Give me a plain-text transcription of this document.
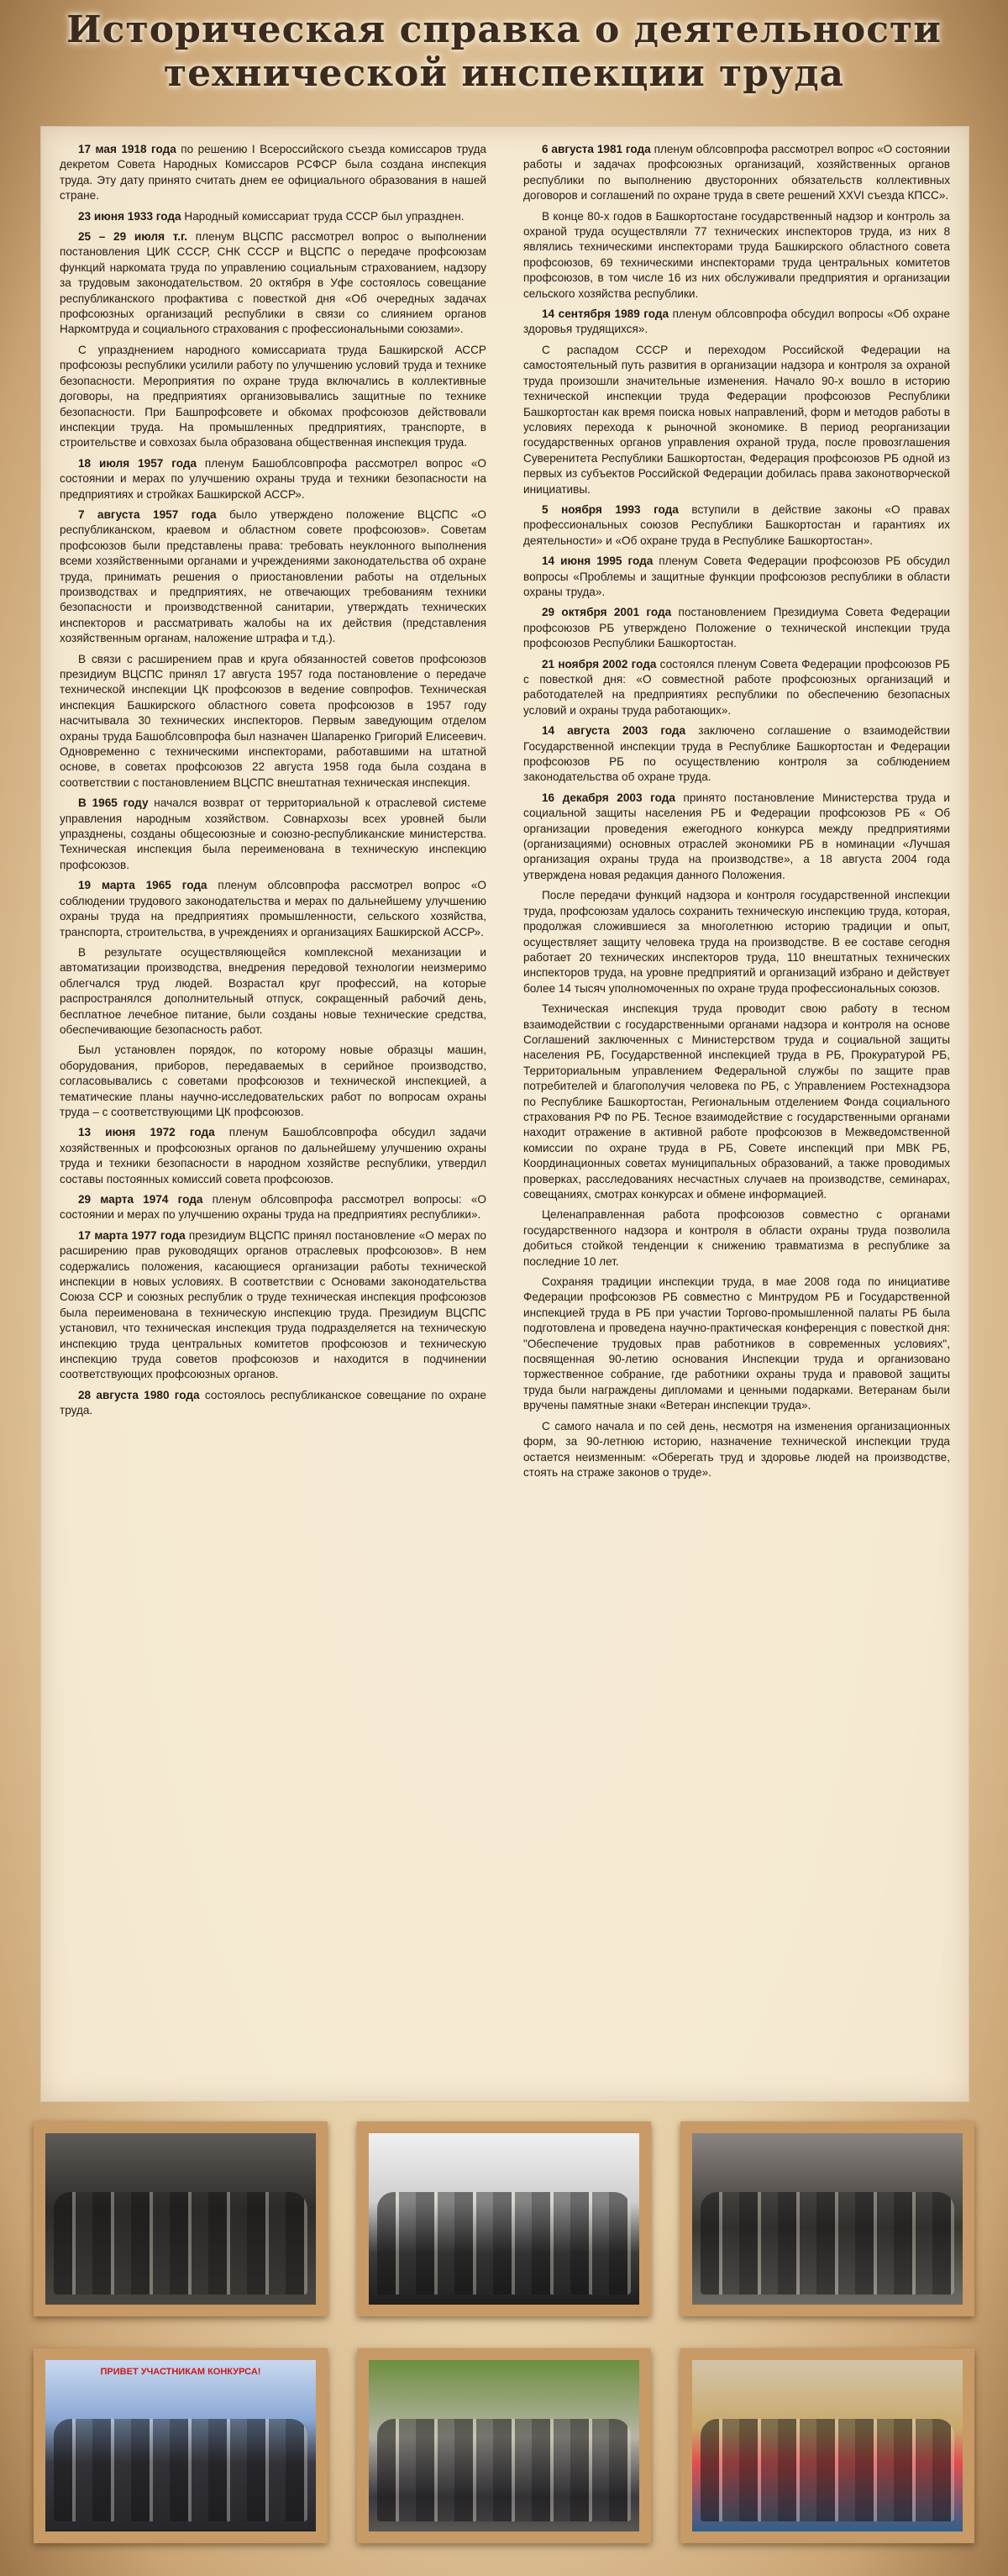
Историческая справка о деятельности
технической инспекции труда

17 мая 1918 года по решению I Всероссийского съезда комиссаров труда декретом Совета Народных Комиссаров РСФСР была создана инспекция труда. Эту дату принято считать днем ее официального образования в нашей стране.

23 июня 1933 года Народный комиссариат труда СССР был упразднен.

25 – 29 июля т.г. пленум ВЦСПС рассмотрел вопрос о выполнении постановления ЦИК СССР, СНК СССР и ВЦСПС о передаче профсоюзам функций наркомата труда по управлению социальным страхованием, надзору за трудовым законодательством. 20 октября в Уфе состоялось совещание республиканского профактива с повесткой дня «Об очередных задачах профсоюзных организаций республики в связи со слиянием органов Наркомтруда и социального страхования с профессиональными союзами».

С упразднением народного комиссариата труда Башкирской АССР профсоюзы республики усилили работу по улучшению условий труда и технике безопасности. Мероприятия по охране труда включались в коллективные договоры, на предприятиях организовывались защитные по технике безопасности. При Башпрофсовете и обкомах профсоюзов действовали инспекции труда. На промышленных предприятиях, транспорте, в строительстве и совхозах была образована общественная инспекция труда.

18 июля 1957 года пленум Башоблсовпрофа рассмотрел вопрос «О состоянии и мерах по улучшению охраны труда и техники безопасности на предприятиях и стройках Башкирской АССР».

7 августа 1957 года было утверждено положение ВЦСПС «О республиканском, краевом и областном совете профсоюзов». Советам профсоюзов были представлены права: требовать неуклонного выполнения всеми хозяйственными органами и учреждениями законодательства об охране труда, принимать решения о приостановлении работы на отдельных производствах и предприятиях, не отвечающих требованиям техники безопасности и производственной санитарии, утверждать технических инспекторов и рассматривать жалобы на их действия (представления хозяйственным органам, наложение штрафа и т.д.).

В связи с расширением прав и круга обязанностей советов профсоюзов президиум ВЦСПС принял 17 августа 1957 года постановление о передаче технической инспекции ЦК профсоюзов в ведение совпрофов. Техническая инспекция Башкирского областного совета профсоюзов в 1957 году насчитывала 30 технических инспекторов. Первым заведующим отделом охраны труда Башоблсовпрофа был назначен Шапаренко Григорий Елисеевич. Одновременно с техническими инспекторами, работавшими на штатной основе, в советах профсоюзов 22 августа 1958 года была создана в соответствии с постановлением ВЦСПС внештатная техническая инспекция.

В 1965 году начался возврат от территориальной к отраслевой системе управления народным хозяйством. Совнархозы всех уровней были упразднены, созданы общесоюзные и союзно-республиканские министерства. Техническая инспекция была переименована в техническую инспекцию профсоюзов.

19 марта 1965 года пленум облсовпрофа рассмотрел вопрос «О соблюдении трудового законодательства и мерах по дальнейшему улучшению охраны труда на предприятиях промышленности, сельского хозяйства, транспорта, строительства, в учреждениях и организациях Башкирской АССР».

В результате осуществляющейся комплексной механизации и автоматизации производства, внедрения передовой технологии неизмеримо облегчался труд людей. Возрастал круг профессий, на которые распространялся дополнительный отпуск, сокращенный рабочий день, бесплатное лечебное питание, были созданы новые технические средства, обеспечивающие безопасность работ.

Был установлен порядок, по которому новые образцы машин, оборудования, приборов, передаваемых в серийное производство, согласовывались с советами профсоюзов и технической инспекцией, а тематические планы научно-исследовательских работ по вопросам охраны труда – с соответствующими ЦК профсоюзов.

13 июня 1972 года пленум Башоблсовпрофа обсудил задачи хозяйственных и профсоюзных органов по дальнейшему улучшению охраны труда и техники безопасности в народном хозяйстве республики, утвердил составы постоянных комиссий совета профсоюзов.

29 марта 1974 года пленум облсовпрофа рассмотрел вопросы: «О состоянии и мерах по улучшению охраны труда на предприятиях республики».

17 марта 1977 года президиум ВЦСПС принял постановление «О мерах по расширению прав руководящих органов отраслевых профсоюзов». В нем содержались положения, касающиеся организации работы технической инспекции в новых условиях. В соответствии с Основами законодательства Союза ССР и союзных республик о труде техническая инспекция профсоюзов была переименована в техническую инспекцию труда. Президиум ВЦСПС установил, что техническая инспекция труда подразделяется на техническую инспекцию труда центральных комитетов профсоюзов и техническую инспекцию труда советов профсоюзов и находится в подчинении соответствующих профсоюзных органов.

28 августа 1980 года состоялось республиканское совещание по охране труда.

6 августа 1981 года пленум облсовпрофа рассмотрел вопрос «О состоянии работы и задачах профсоюзных организаций, хозяйственных органов республики по выполнению двусторонних обязательств коллективных договоров и соглашений по охране труда в свете решений XXVI съезда КПСС».

В конце 80-х годов в Башкортостане государственный надзор и контроль за охраной труда осуществляли 77 технических инспекторов труда, из них 8 являлись техническими инспекторами труда Башкирского областного совета профсоюзов, 69 техническими инспекторами труда центральных комитетов профсоюзов, в том числе 16 из них обслуживали предприятия и организации сельского хозяйства республики.

14 сентября 1989 года пленум облсовпрофа обсудил вопросы «Об охране здоровья трудящихся».

С распадом СССР и переходом Российской Федерации на самостоятельный путь развития в организации надзора и контроля за охраной труда произошли значительные изменения. Начало 90-х вошло в историю технической инспекции труда Федерации профсоюзов Республики Башкортостан как время поиска новых направлений, форм и методов работы в условиях перехода к рыночной экономике. В период реорганизации государственных органов управления охраной труда, после провозглашения Суверенитета Республики Башкортостан, Федерация профсоюзов РБ одной из первых из субъектов Российской Федерации добилась права законотворческой инициативы.

5 ноября 1993 года вступили в действие законы «О правах профессиональных союзов Республики Башкортостан и гарантиях их деятельности» и «Об охране труда в Республике Башкортостан».

14 июня 1995 года пленум Совета Федерации профсоюзов РБ обсудил вопросы «Проблемы и защитные функции профсоюзов республики в области охраны труда».

29 октября 2001 года постановлением Президиума Совета Федерации профсоюзов РБ утверждено Положение о технической инспекции труда профсоюзов Республики Башкортостан.

21 ноября 2002 года состоялся пленум Совета Федерации профсоюзов РБ с повесткой дня: «О совместной работе профсоюзных организаций и работодателей на предприятиях республики по обеспечению безопасных условий и охраны труда работающих».

14 августа 2003 года заключено соглашение о взаимодействии Государственной инспекции труда в Республике Башкортостан и Федерации профсоюзов РБ по осуществлению контроля за соблюдением законодательства об охране труда.

16 декабря 2003 года принято постановление Министерства труда и социальной защиты населения РБ и Федерации профсоюзов РБ « Об организации проведения ежегодного конкурса между предприятиями (организациями) основных отраслей экономики РБ в номинации «Лучшая организация охраны труда на производстве», а 18 августа 2004 года утверждена новая редакция данного Положения.

После передачи функций надзора и контроля государственной инспекции труда, профсоюзам удалось сохранить техническую инспекцию труда, которая, продолжая сложившиеся за многолетнюю историю традиции и опыт, осуществляет защиту человека труда на производстве. В ее составе сегодня работает 20 технических инспекторов труда, 110 внештатных технических инспекторов труда, на уровне предприятий и организаций избрано и действует более 14 тысяч уполномоченных по охране труда профессиональных союзов.

Техническая инспекция труда проводит свою работу в тесном взаимодействии с государственными органами надзора и контроля на основе Соглашений заключенных с Министерством труда и социальной защиты населения РБ, Государственной инспекцией труда в РБ, Прокуратурой РБ, Территориальным управлением Федеральной службы по защите прав потребителей и благополучия человека по РБ, с Управлением Ростехнадзора по Республике Башкортостан, Региональным отделением Фонда социального страхования РФ по РБ. Тесное взаимодействие с государственными органами находит отражение в активной работе профсоюзов в Межведомственной комиссии по охране труда в РБ, Совете инспекций при МВК РБ, Координационных советах муниципальных образований, а также проводимых проверках, расследованиях несчастных случаев на производстве, семинарах, совещаниях, смотрах конкурсах и обмене информацией.

Целенаправленная работа профсоюзов совместно с органами государственного надзора и контроля в области охраны труда позволила добиться стойкой тенденции к снижению травматизма в республике за последние 10 лет.

Сохраняя традиции инспекции труда, в мае 2008 года по инициативе Федерации профсоюзов РБ совместно с Минтрудом РБ и Государственной инспекцией труда в РБ при участии Торгово-промышленной палаты РБ была подготовлена и проведена научно-практическая конференция с повесткой дня: "Обеспечение трудовых прав работников в современных условиях", посвященная 90-летию основания Инспекции труда и организовано торжественное собрание, где работники охраны труда и правовой защиты труда были награждены дипломами и ценными подарками. Ветеранам были вручены памятные знаки «Ветеран инспекции труда».

С самого начала и по сей день, несмотря на изменения организационных форм, за 90-летнюю историю, назначение технической инспекции труда остается неизменным: «Оберегать труд и здоровье людей на производстве, стоять на страже законов о труде».

ПРИВЕТ УЧАСТНИКАМ КОНКУРСА!
